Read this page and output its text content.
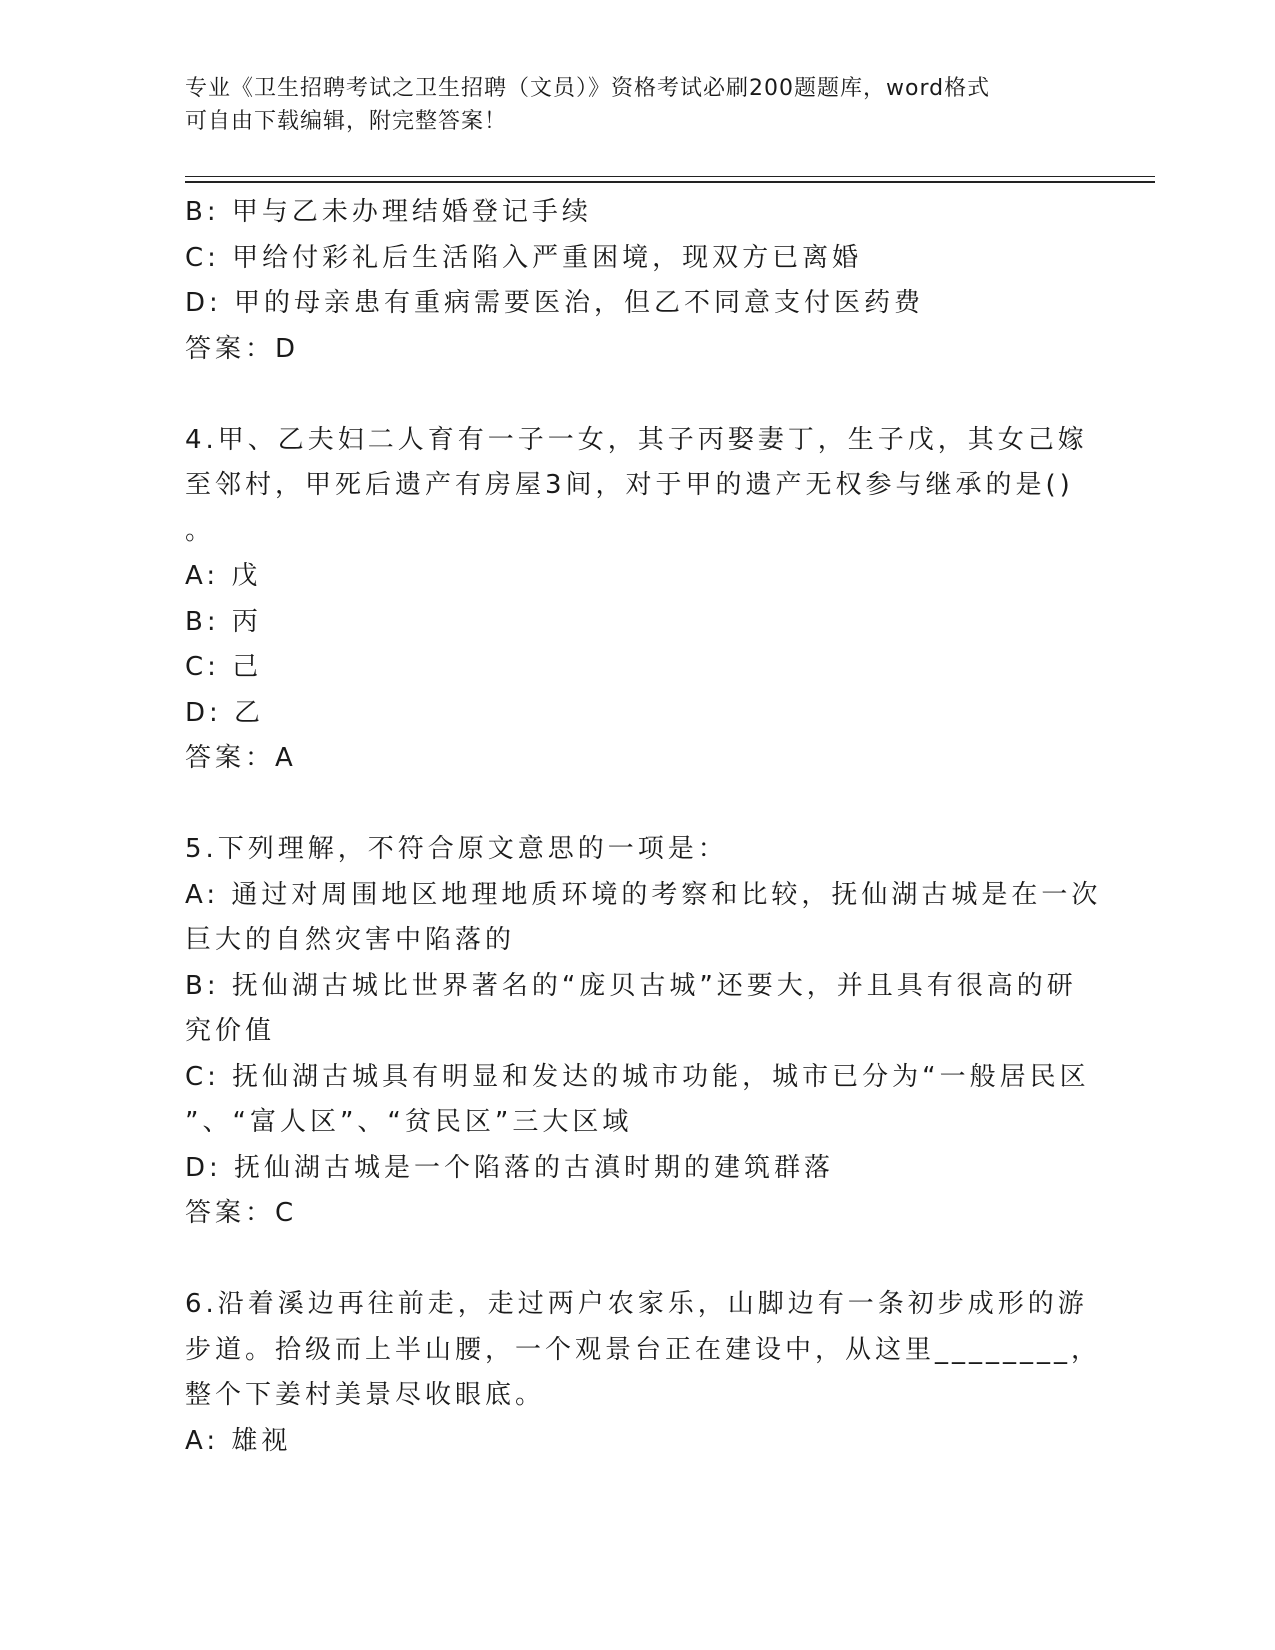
专业《卫生招聘考试之卫生招聘（文员）》资格考试必刷200题题库，word格式
可自由下载编辑，附完整答案！
B: 甲与乙未办理结婚登记手续
C: 甲给付彩礼后生活陷入严重困境，现双方已离婚
D: 甲的母亲患有重病需要医治，但乙不同意支付医药费
答案：D
4.甲、乙夫妇二人育有一子一女，其子丙娶妻丁，生子戊，其女己嫁
至邻村，甲死后遗产有房屋3间，对于甲的遗产无权参与继承的是()
。
A: 戊
B: 丙
C: 己
D: 乙
答案：A
5.下列理解，不符合原文意思的一项是：
A: 通过对周围地区地理地质环境的考察和比较，抚仙湖古城是在一次
巨大的自然灾害中陷落的
B: 抚仙湖古城比世界著名的“庞贝古城”还要大，并且具有很高的研
究价值
C: 抚仙湖古城具有明显和发达的城市功能，城市已分为“一般居民区
”、“富人区”、“贫民区”三大区域
D: 抚仙湖古城是一个陷落的古滇时期的建筑群落
答案：C
6.沿着溪边再往前走，走过两户农家乐，山脚边有一条初步成形的游
步道。拾级而上半山腰，一个观景台正在建设中，从这里________，
整个下姜村美景尽收眼底。
A: 雄视
